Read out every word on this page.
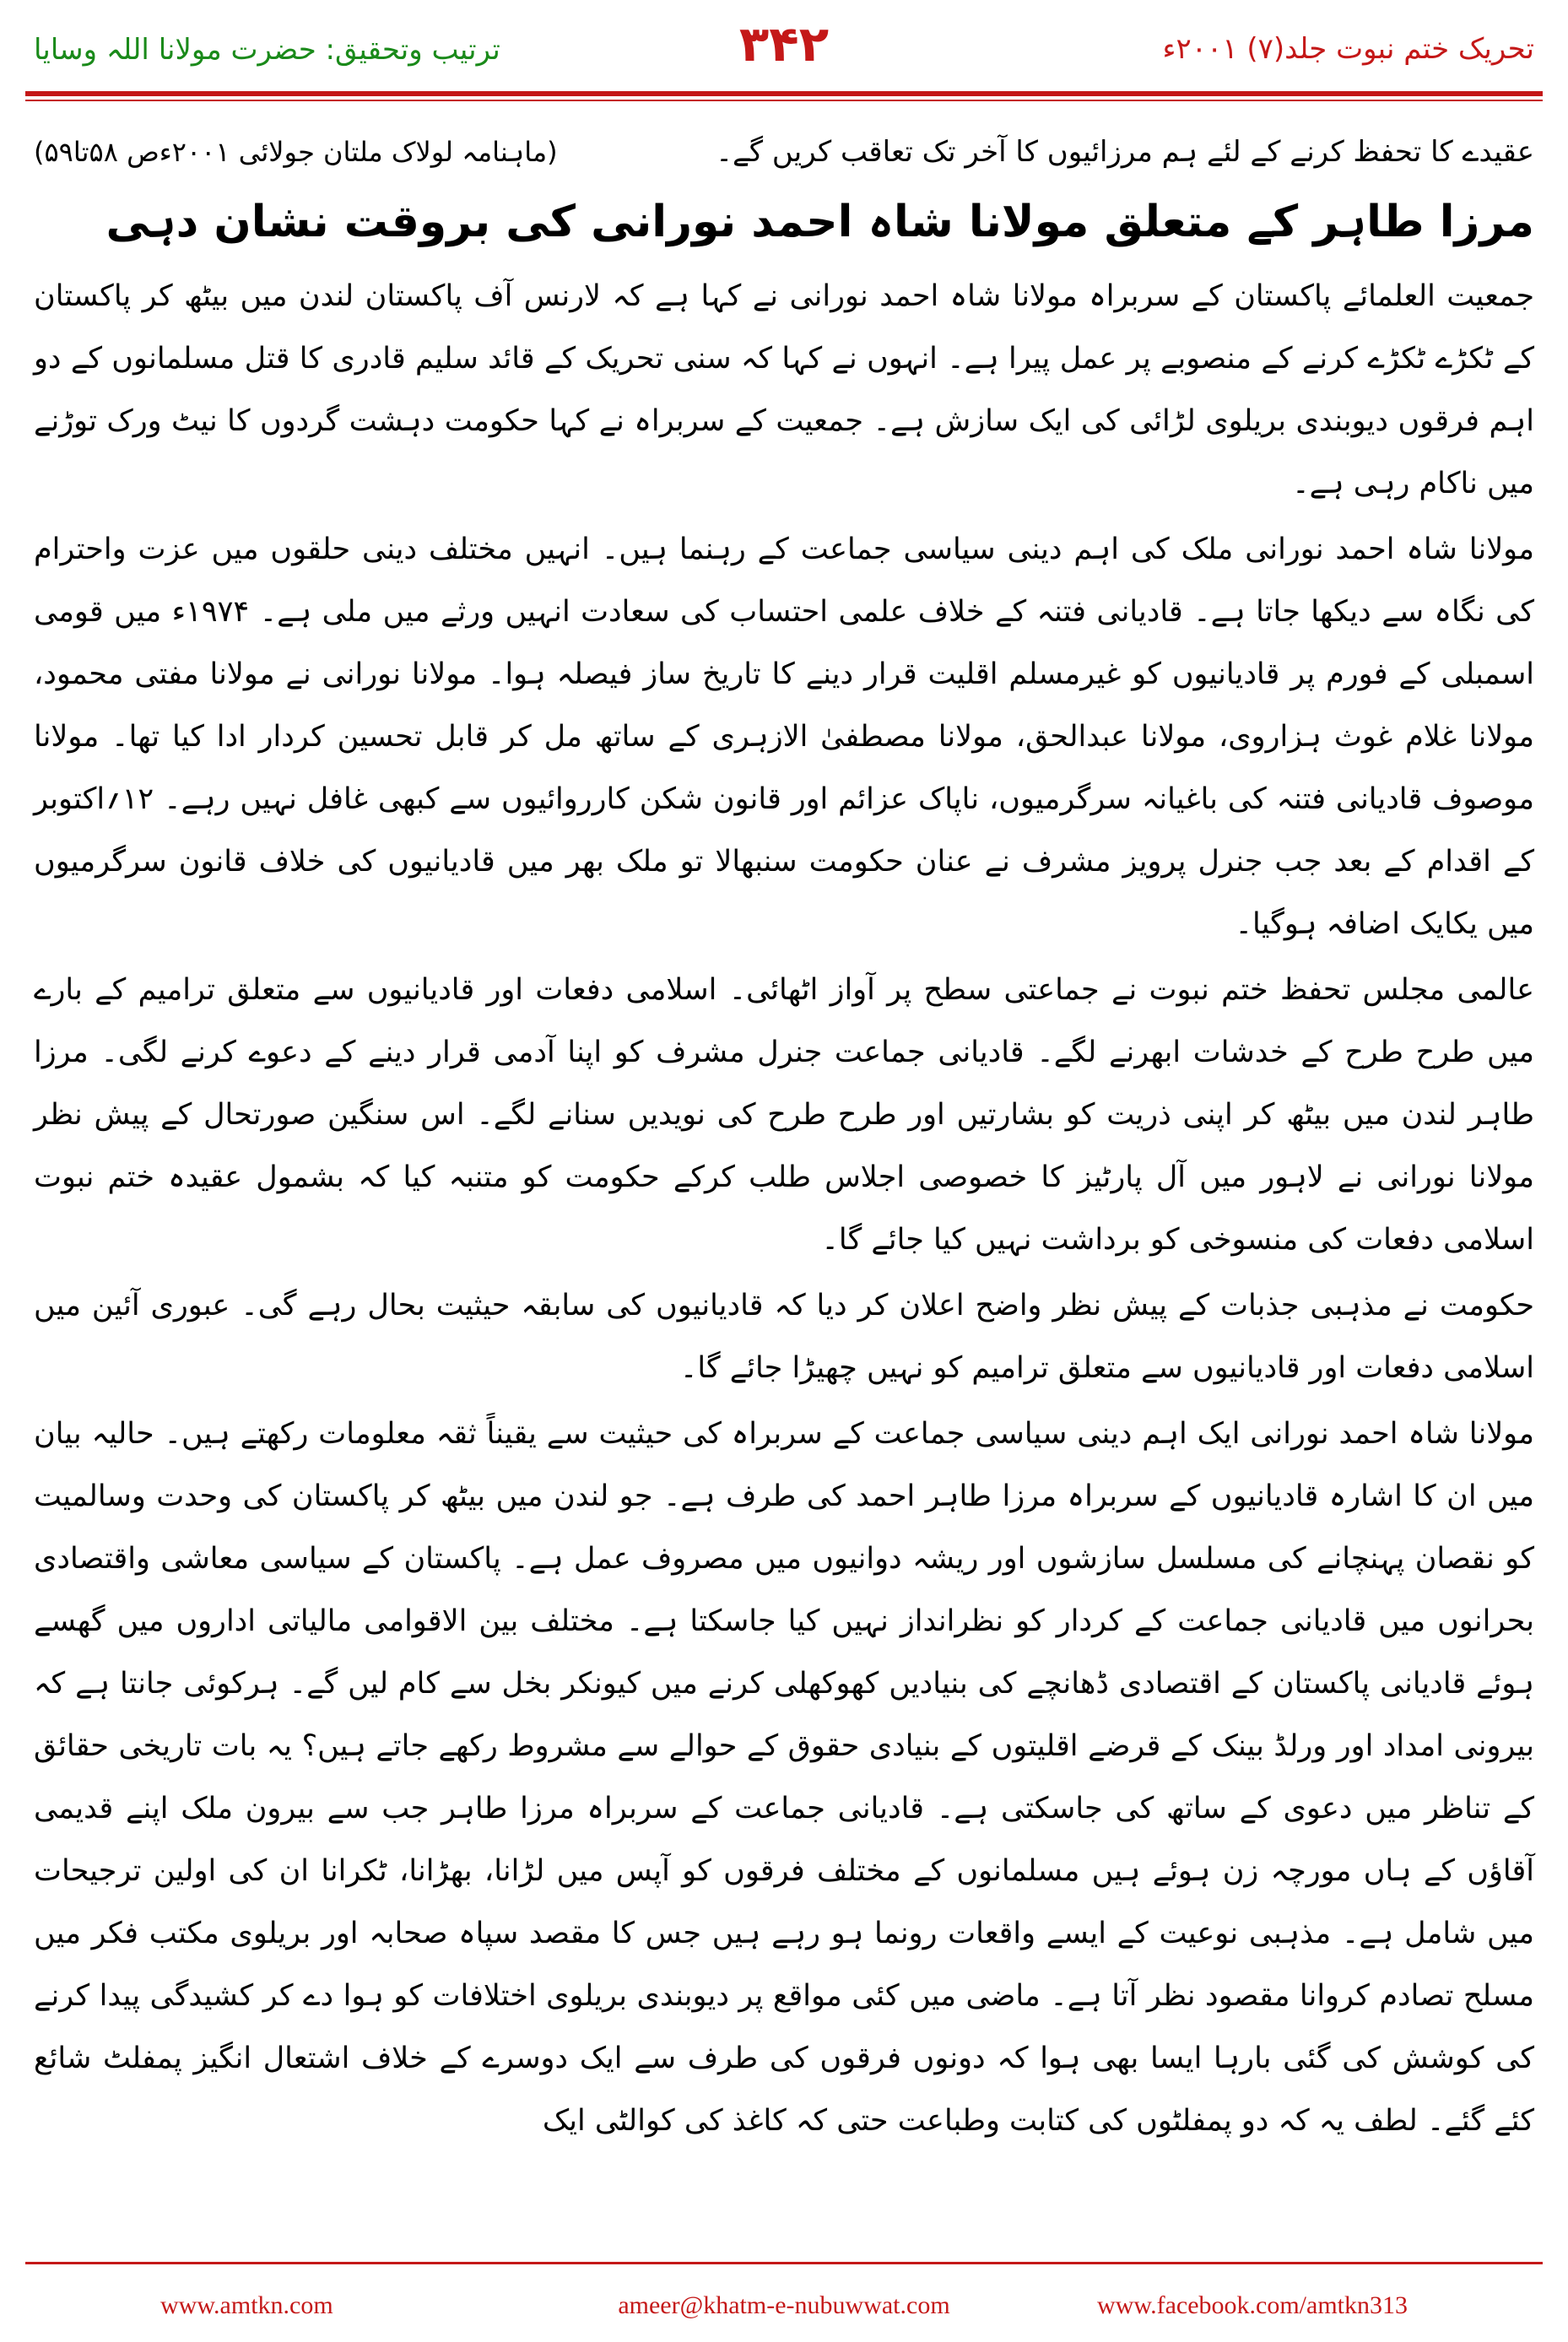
ترتیب وتحقیق: حضرت مولانا اللہ وسایا	۳۴۲	تحریک ختم نبوت جلد(۷) ۲۰۰۱ء
عقیدے کا تحفظ کرنے کے لئے ہم مرزائیوں کا آخر تک تعاقب کریں گے۔
(ماہنامہ لولاک ملتان جولائی ۲۰۰۱ءص ۵۸تا۵۹)
مرزا طاہر کے متعلق مولانا شاہ احمد نورانی کی بروقت نشان دہی

جمعیت العلمائے پاکستان کے سربراہ مولانا شاہ احمد نورانی نے کہا ہے کہ لارنس آف پاکستان لندن میں بیٹھ کر پاکستان کے ٹکڑے ٹکڑے کرنے کے منصوبے پر عمل پیرا ہے۔ انہوں نے کہا کہ سنی تحریک کے قائد سلیم قادری کا قتل مسلمانوں کے دو اہم فرقوں دیوبندی بریلوی لڑائی کی ایک سازش ہے۔ جمعیت کے سربراہ نے کہا حکومت دہشت گردوں کا نیٹ ورک توڑنے میں ناکام رہی ہے۔

مولانا شاہ احمد نورانی ملک کی اہم دینی سیاسی جماعت کے رہنما ہیں۔ انہیں مختلف دینی حلقوں میں عزت واحترام کی نگاہ سے دیکھا جاتا ہے۔ قادیانی فتنہ کے خلاف علمی احتساب کی سعادت انہیں ورثے میں ملی ہے۔ ۱۹۷۴ء میں قومی اسمبلی کے فورم پر قادیانیوں کو غیرمسلم اقلیت قرار دینے کا تاریخ ساز فیصلہ ہوا۔ مولانا نورانی نے مولانا مفتی محمود، مولانا غلام غوث ہزاروی، مولانا عبدالحق، مولانا مصطفیٰ الازہری کے ساتھ مل کر قابل تحسین کردار ادا کیا تھا۔ مولانا موصوف قادیانی فتنہ کی باغیانہ سرگرمیوں، ناپاک عزائم اور قانون شکن کارروائیوں سے کبھی غافل نہیں رہے۔ ۱۲؍اکتوبر کے اقدام کے بعد جب جنرل پرویز مشرف نے عنان حکومت سنبھالا تو ملک بھر میں قادیانیوں کی خلاف قانون سرگرمیوں میں یکایک اضافہ ہوگیا۔

عالمی مجلس تحفظ ختم نبوت نے جماعتی سطح پر آواز اٹھائی۔ اسلامی دفعات اور قادیانیوں سے متعلق ترامیم کے بارے میں طرح طرح کے خدشات ابھرنے لگے۔ قادیانی جماعت جنرل مشرف کو اپنا آدمی قرار دینے کے دعوے کرنے لگی۔ مرزا طاہر لندن میں بیٹھ کر اپنی ذریت کو بشارتیں اور طرح طرح کی نویدیں سنانے لگے۔ اس سنگین صورتحال کے پیش نظر مولانا نورانی نے لاہور میں آل پارٹیز کا خصوصی اجلاس طلب کرکے حکومت کو متنبہ کیا کہ بشمول عقیدہ ختم نبوت اسلامی دفعات کی منسوخی کو برداشت نہیں کیا جائے گا۔

حکومت نے مذہبی جذبات کے پیش نظر واضح اعلان کر دیا کہ قادیانیوں کی سابقہ حیثیت بحال رہے گی۔ عبوری آئین میں اسلامی دفعات اور قادیانیوں سے متعلق ترامیم کو نہیں چھیڑا جائے گا۔

مولانا شاہ احمد نورانی ایک اہم دینی سیاسی جماعت کے سربراہ کی حیثیت سے یقیناً ثقہ معلومات رکھتے ہیں۔ حالیہ بیان میں ان کا اشارہ قادیانیوں کے سربراہ مرزا طاہر احمد کی طرف ہے۔ جو لندن میں بیٹھ کر پاکستان کی وحدت وسالمیت کو نقصان پہنچانے کی مسلسل سازشوں اور ریشہ دوانیوں میں مصروف عمل ہے۔ پاکستان کے سیاسی معاشی واقتصادی بحرانوں میں قادیانی جماعت کے کردار کو نظرانداز نہیں کیا جاسکتا ہے۔ مختلف بین الاقوامی مالیاتی اداروں میں گھسے ہوئے قادیانی پاکستان کے اقتصادی ڈھانچے کی بنیادیں کھوکھلی کرنے میں کیونکر بخل سے کام لیں گے۔ ہرکوئی جانتا ہے کہ بیرونی امداد اور ورلڈ بینک کے قرضے اقلیتوں کے بنیادی حقوق کے حوالے سے مشروط رکھے جاتے ہیں؟ یہ بات تاریخی حقائق کے تناظر میں دعوی کے ساتھ کی جاسکتی ہے۔ قادیانی جماعت کے سربراہ مرزا طاہر جب سے بیرون ملک اپنے قدیمی آقاؤں کے ہاں مورچہ زن ہوئے ہیں مسلمانوں کے مختلف فرقوں کو آپس میں لڑانا، بھڑانا، ٹکرانا ان کی اولین ترجیحات میں شامل ہے۔ مذہبی نوعیت کے ایسے واقعات رونما ہو رہے ہیں جس کا مقصد سپاہ صحابہ اور بریلوی مکتب فکر میں مسلح تصادم کروانا مقصود نظر آتا ہے۔ ماضی میں کئی مواقع پر دیوبندی بریلوی اختلافات کو ہوا دے کر کشیدگی پیدا کرنے کی کوشش کی گئی بارہا ایسا بھی ہوا کہ دونوں فرقوں کی طرف سے ایک دوسرے کے خلاف اشتعال انگیز پمفلٹ شائع کئے گئے۔ لطف یہ کہ دو پمفلٹوں کی کتابت وطباعت حتی کہ کاغذ کی کوالٹی ایک

www.amtkn.com	ameer@khatm-e-nubuwwat.com	www.facebook.com/amtkn313
